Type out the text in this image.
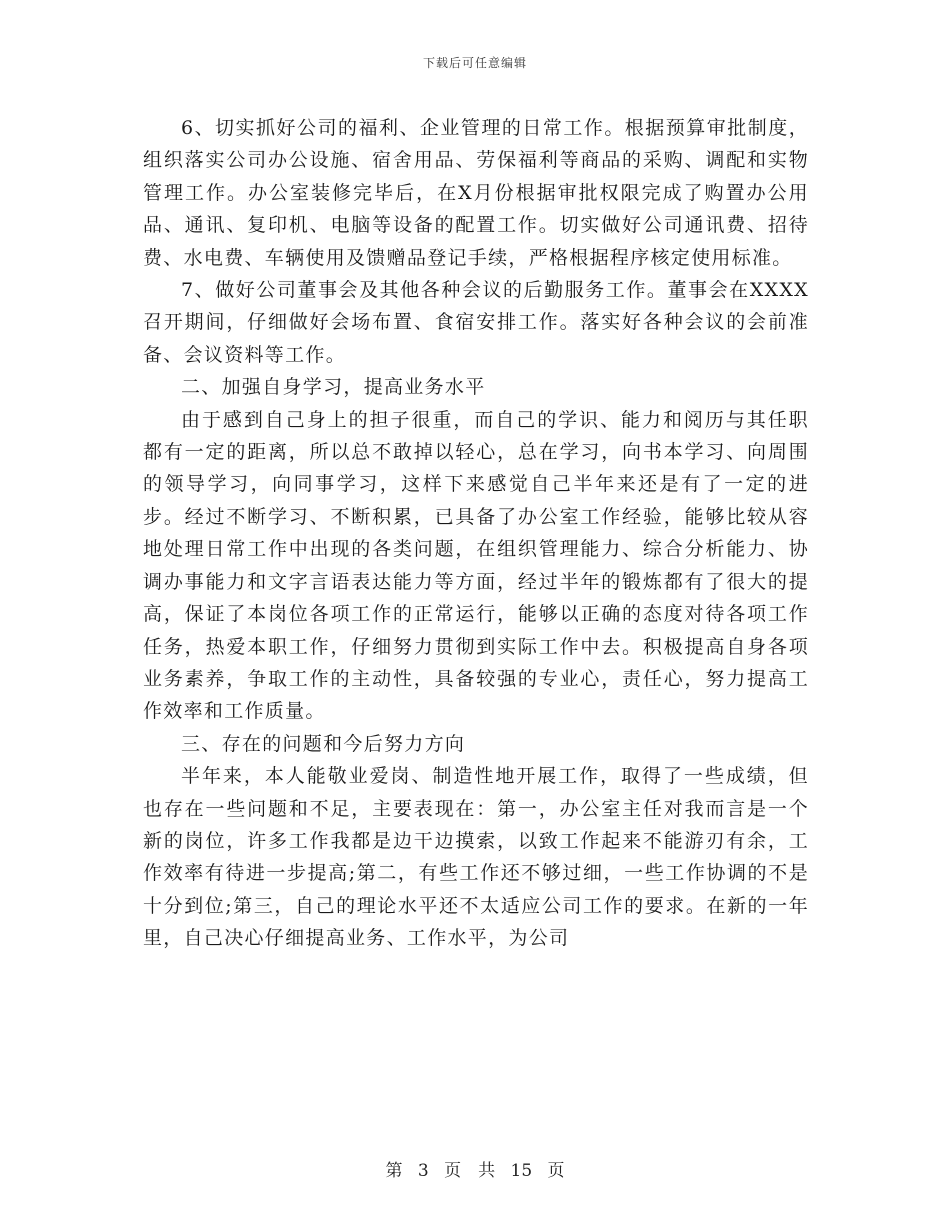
下载后可任意编辑

6、切实抓好公司的福利、企业管理的日常工作。根据预算审批制度，组织落实公司办公设施、宿舍用品、劳保福利等商品的采购、调配和实物管理工作。办公室装修完毕后，在X月份根据审批权限完成了购置办公用品、通讯、复印机、电脑等设备的配置工作。切实做好公司通讯费、招待费、水电费、车辆使用及馈赠品登记手续，严格根据程序核定使用标准。

7、做好公司董事会及其他各种会议的后勤服务工作。董事会在XXXX召开期间，仔细做好会场布置、食宿安排工作。落实好各种会议的会前准备、会议资料等工作。

二、加强自身学习，提高业务水平

由于感到自己身上的担子很重，而自己的学识、能力和阅历与其任职都有一定的距离，所以总不敢掉以轻心，总在学习，向书本学习、向周围的领导学习，向同事学习，这样下来感觉自己半年来还是有了一定的进步。经过不断学习、不断积累，已具备了办公室工作经验，能够比较从容地处理日常工作中出现的各类问题，在组织管理能力、综合分析能力、协调办事能力和文字言语表达能力等方面，经过半年的锻炼都有了很大的提高，保证了本岗位各项工作的正常运行，能够以正确的态度对待各项工作任务，热爱本职工作，仔细努力贯彻到实际工作中去。积极提高自身各项业务素养，争取工作的主动性，具备较强的专业心，责任心，努力提高工作效率和工作质量。

三、存在的问题和今后努力方向

半年来，本人能敬业爱岗、制造性地开展工作，取得了一些成绩，但也存在一些问题和不足，主要表现在：第一，办公室主任对我而言是一个新的岗位，许多工作我都是边干边摸索，以致工作起来不能游刃有余，工作效率有待进一步提高;第二，有些工作还不够过细，一些工作协调的不是十分到位;第三，自己的理论水平还不太适应公司工作的要求。在新的一年里，自己决心仔细提高业务、工作水平，为公司

第 3 页　共 15 页
